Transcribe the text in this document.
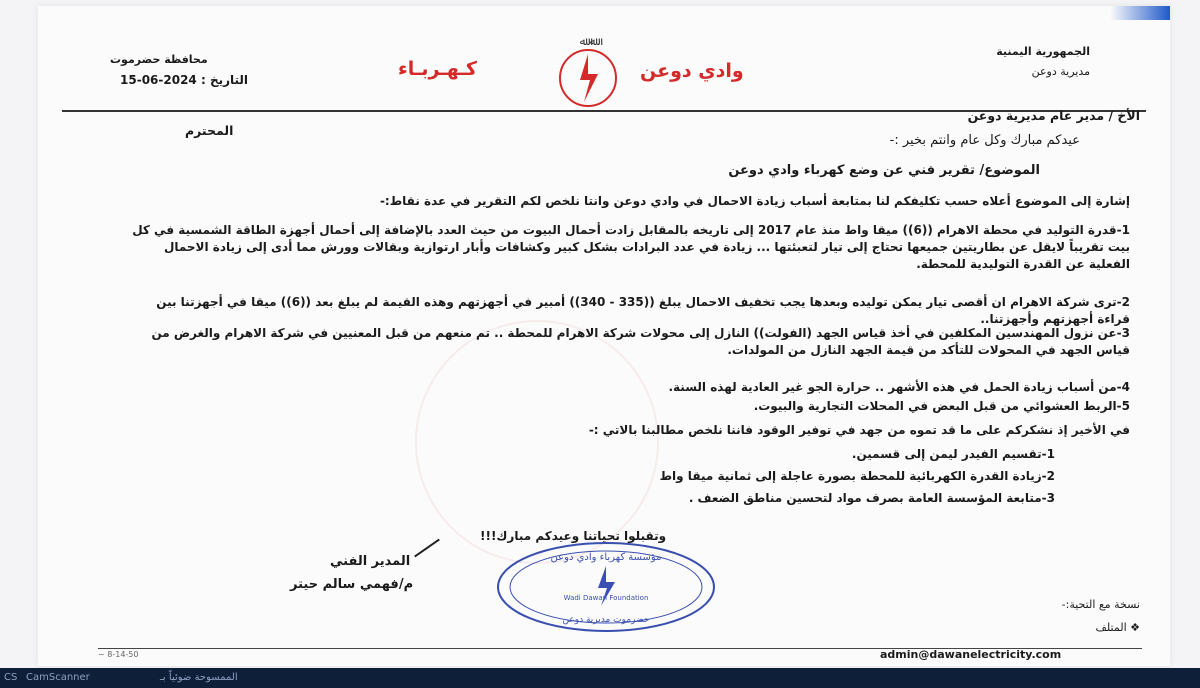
الجمهورية اليمنية
مديرية دوعن
محافظة حضرموت
التاريخ : 2024-06-15
ﷲ ﷲ
كـهـربـاء	وادي دوعن
الأخ / مدير عام مديرية دوعن
المحترم
عيدكم مبارك وكل عام وانتم بخير :-
الموضوع/ تقرير فني عن وضع كهرباء وادي دوعن
إشارة إلى الموضوع أعلاه حسب تكليفكم لنا بمتابعة أسباب زيادة الاحمال في وادي دوعن وانتا نلخص لكم التقرير في عدة نقاط:-
1-قدرة التوليد في محطة الاهرام ((6)) ميقا واط منذ عام 2017 إلى تاريخه بالمقابل زادت أحمال البيوت من حيث العدد بالإضافة إلى أحمال أجهزة الطاقة الشمسية في كل بيت تقريباً لايقل عن بطاريتين جميعها تحتاج إلى تيار لتعبئتها ... زيادة في عدد البرادات بشكل كبير وكشافات وأبار ارتوازية وبقالات وورش مما أدى إلى زيادة الاحمال الفعلية عن القدرة التوليدية للمحطة.
2-ترى شركة الاهرام ان أقصى تيار يمكن توليده وبعدها يجب تخفيف الاحمال يبلغ ((335 - 340)) أمبير في أجهزتهم وهذه القيمة لم يبلغ بعد ((6)) ميقا في أجهزتنا بين قراءة أجهزتهم وأجهزتنا..
3-عن نزول المهندسين المكلفين في أخذ قياس الجهد (الفولت)) النازل إلى محولات شركة الاهرام للمحطة .. تم منعهم من قبل المعنيين في شركة الاهرام والغرض من قياس الجهد في المحولات للتأكد من قيمة الجهد النازل من المولدات.
4-من أسباب زيادة الحمل في هذه الأشهر .. حرارة الجو غير العادية لهذه السنة.
5-الربط العشوائي من قبل البعض في المحلات التجارية والبيوت.
في الأخير إذ نشكركم على ما قد تموه من جهد في توفير الوقود فاننا نلخص مطالبنا بالاتي :-
1-تقسيم الفيدر ليمن إلى قسمين.
2-زيادة القدرة الكهربائية للمحطة بصورة عاجلة إلى ثمانية ميقا واط
3-متابعة المؤسسة العامة بصرف مواد لتحسين مناطق الضعف .
وتقبلوا تحياتنا وعيدكم مبارك!!!
المدير الفني
م/فهمي سالم حيتر
مؤسسة كهرباء وادي دوعن
Wadi Dawan Foundation
حضرموت مديرية دوعن
نسخة مع التحية:-
❖ المتلف
~ 8-14-50	admin@dawanelectricity.com
CS CamScanner	الممسوحة ضوئياً بـ
